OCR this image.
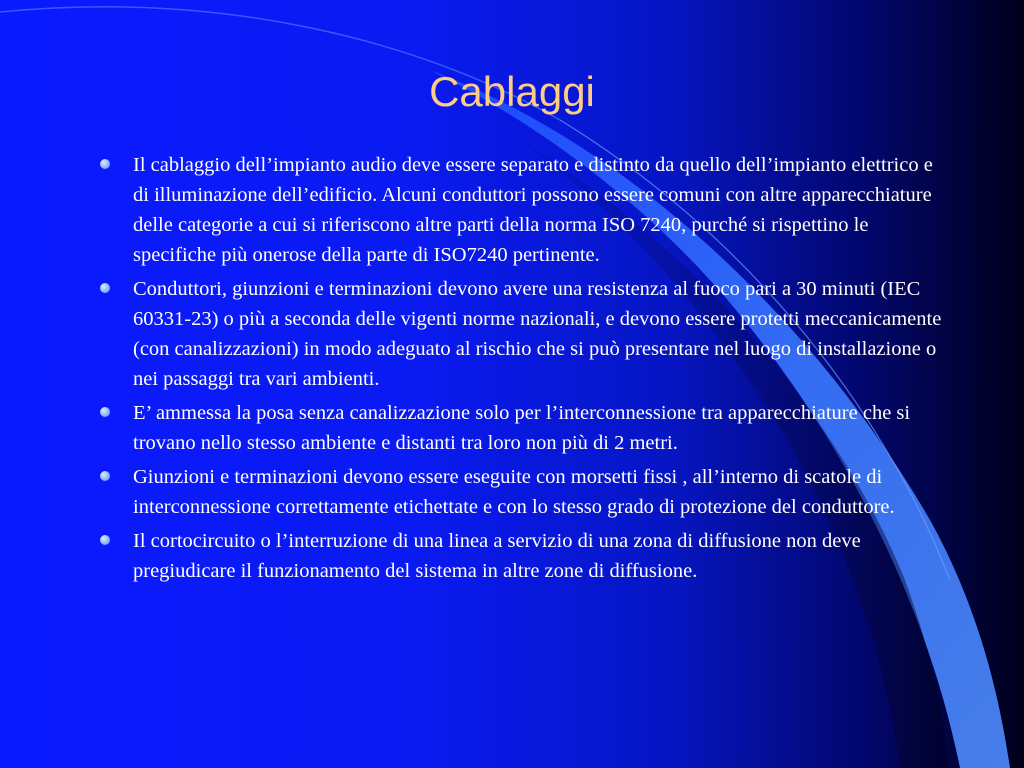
Cablaggi
Il cablaggio dell’impianto audio deve essere separato e distinto da quello dell’impianto elettrico e di illuminazione dell’edificio. Alcuni conduttori possono essere comuni con altre apparecchiature delle categorie a cui si riferiscono altre parti della norma ISO 7240, purché si rispettino le specifiche più onerose della parte di ISO7240 pertinente.
Conduttori, giunzioni e terminazioni devono avere una resistenza al fuoco pari a 30 minuti (IEC 60331-23) o più a seconda delle vigenti norme nazionali, e devono essere protetti meccanicamente (con canalizzazioni) in modo adeguato al rischio che si può presentare nel luogo di installazione o nei passaggi tra vari ambienti.
E’ ammessa la posa senza canalizzazione solo per l’interconnessione tra apparecchiature che si trovano nello stesso ambiente e distanti tra loro non più di 2 metri.
Giunzioni e terminazioni devono essere eseguite con morsetti fissi , all’interno di scatole di interconnessione correttamente etichettate e con lo stesso grado di protezione del conduttore.
Il cortocircuito o l’interruzione di una linea a servizio di una zona di diffusione non deve pregiudicare il funzionamento del sistema in altre zone di diffusione.
